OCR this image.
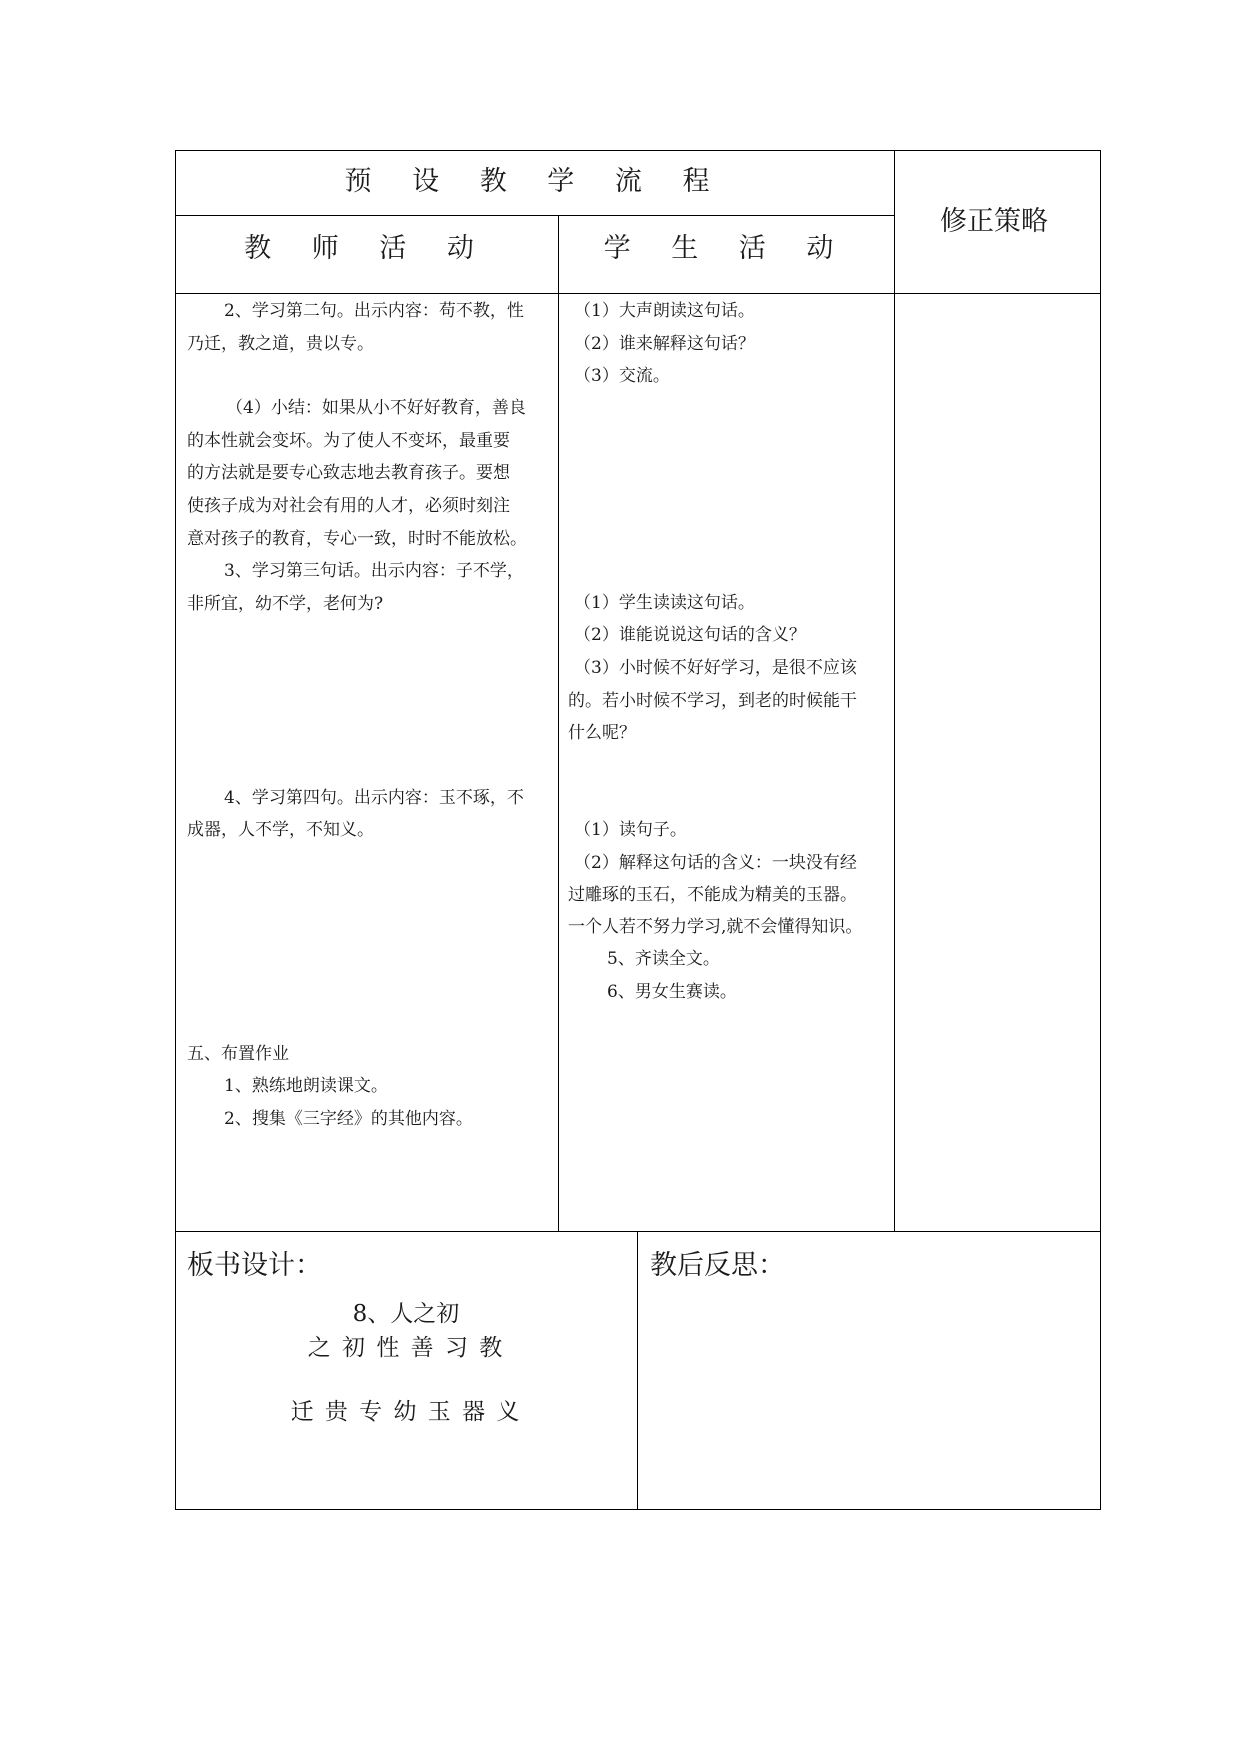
预 设 教 学 流 程
教 师 活 动	学 生 活 动
修正策略
2、学习第二句。出示内容：苟不教，性
乃迁，教之道，贵以专。
（4）小结：如果从小不好好教育，善良
的本性就会变坏。为了使人不变坏，最重要
的方法就是要专心致志地去教育孩子。要想
使孩子成为对社会有用的人才，必须时刻注
意对孩子的教育，专心一致，时时不能放松。
3、学习第三句话。出示内容：子不学，
非所宜，幼不学，老何为?
4、学习第四句。出示内容：玉不琢，不
成器，人不学，不知义。
五、布置作业
1、熟练地朗读课文。
2、搜集《三字经》的其他内容。
（1）大声朗读这句话。
（2）谁来解释这句话？
（3）交流。
（1）学生读读这句话。
（2）谁能说说这句话的含义？
（3）小时候不好好学习，是很不应该
的。若小时候不学习，到老的时候能干
什么呢？
（1）读句子。
（2）解释这句话的含义：一块没有经
过雕琢的玉石，不能成为精美的玉器。
一个人若不努力学习,就不会懂得知识。
5、齐读全文。
6、男女生赛读。
板书设计：
8、人之初
之 初 性 善 习 教
迁 贵 专 幼 玉 器 义
教后反思：
